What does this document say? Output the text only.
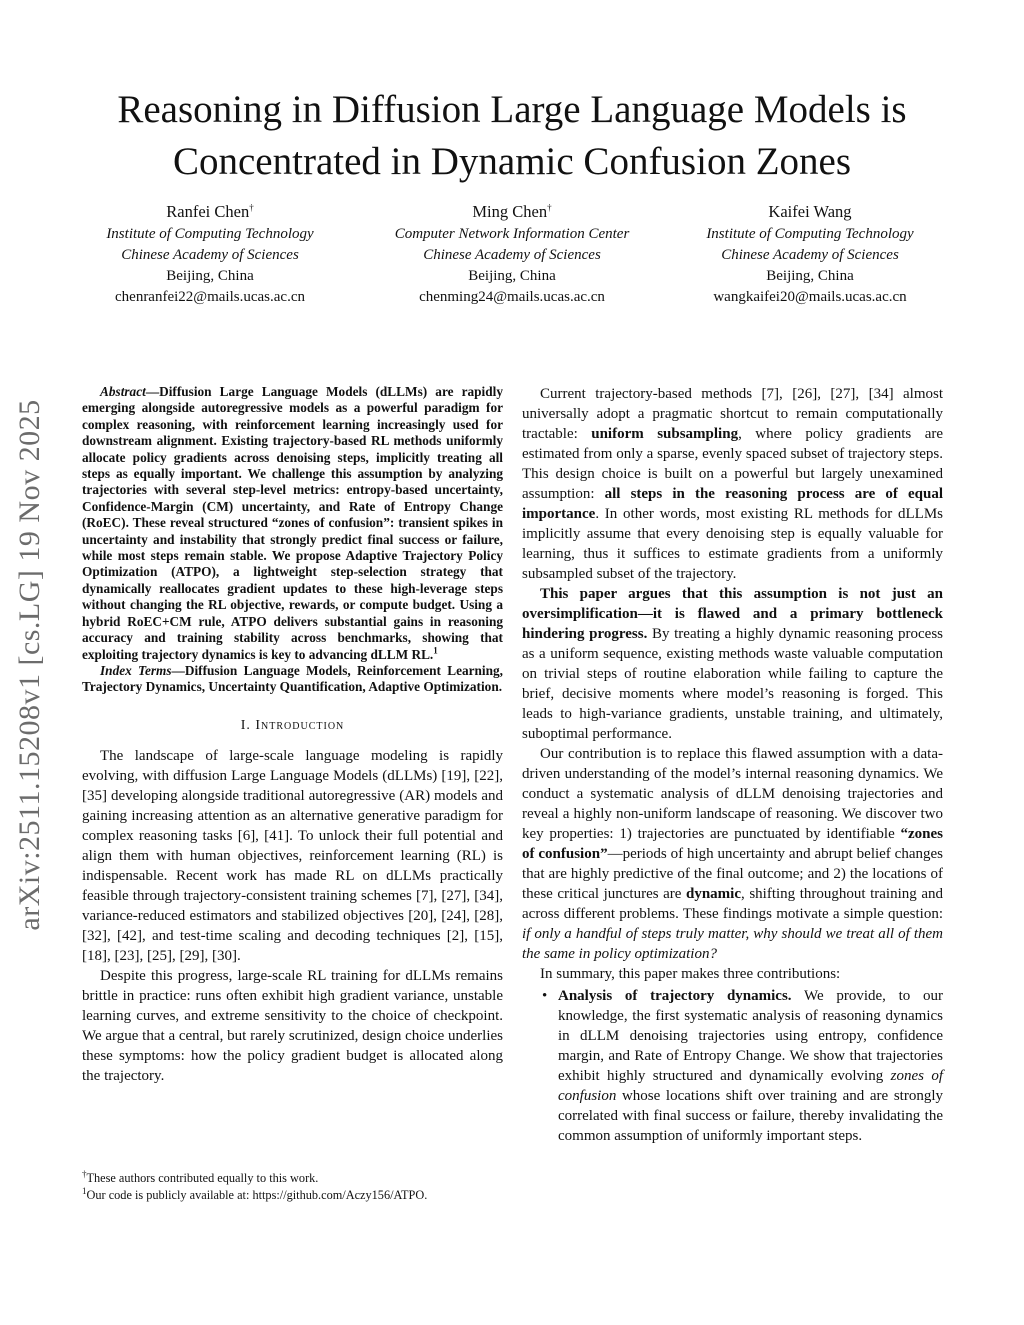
arXiv:2511.15208v1 [cs.LG] 19 Nov 2025
Reasoning in Diffusion Large Language Models is
Concentrated in Dynamic Confusion Zones
Ranfei Chen†
Institute of Computing Technology
Chinese Academy of Sciences
Beijing, China
chenranfei22@mails.ucas.ac.cn
Ming Chen†
Computer Network Information Center
Chinese Academy of Sciences
Beijing, China
chenming24@mails.ucas.ac.cn
Kaifei Wang
Institute of Computing Technology
Chinese Academy of Sciences
Beijing, China
wangkaifei20@mails.ucas.ac.cn

Abstract—Diffusion Large Language Models (dLLMs) are rapidly emerging alongside autoregressive models as a powerful paradigm for complex reasoning, with reinforcement learning increasingly used for downstream alignment. Existing trajectory-based RL methods uniformly allocate policy gradients across denoising steps, implicitly treating all steps as equally important. We challenge this assumption by analyzing trajectories with several step-level metrics: entropy-based uncertainty, Confidence-Margin (CM) uncertainty, and Rate of Entropy Change (RoEC). These reveal structured “zones of confusion”: transient spikes in uncertainty and instability that strongly predict final success or failure, while most steps remain stable. We propose Adaptive Trajectory Policy Optimization (ATPO), a lightweight step-selection strategy that dynamically reallocates gradient updates to these high-leverage steps without changing the RL objective, rewards, or compute budget. Using a hybrid RoEC+CM rule, ATPO delivers substantial gains in reasoning accuracy and training stability across benchmarks, showing that exploiting trajectory dynamics is key to advancing dLLM RL.$^1$

Index Terms—Diffusion Language Models, Reinforcement Learning, Trajectory Dynamics, Uncertainty Quantification, Adaptive Optimization.

I. Introduction

The landscape of large-scale language modeling is rapidly evolving, with diffusion Large Language Models (dLLMs) [19], [22], [35] developing alongside traditional autoregressive (AR) models and gaining increasing attention as an alternative generative paradigm for complex reasoning tasks [6], [41]. To unlock their full potential and align them with human objectives, reinforcement learning (RL) is indispensable. Recent work has made RL on dLLMs practically feasible through trajectory-consistent training schemes [7], [27], [34], variance-reduced estimators and stabilized objectives [20], [24], [28], [32], [42], and test-time scaling and decoding techniques [2], [15], [18], [23], [25], [29], [30].

Despite this progress, large-scale RL training for dLLMs remains brittle in practice: runs often exhibit high gradient variance, unstable learning curves, and extreme sensitivity to the choice of checkpoint. We argue that a central, but rarely scrutinized, design choice underlies these symptoms: how the policy gradient budget is allocated along the trajectory.

†These authors contributed equally to this work.
$^1$Our code is publicly available at: https://github.com/Aczy156/ATPO.

Current trajectory-based methods [7], [26], [27], [34] almost universally adopt a pragmatic shortcut to remain computationally tractable: uniform subsampling, where policy gradients are estimated from only a sparse, evenly spaced subset of trajectory steps. This design choice is built on a powerful but largely unexamined assumption: all steps in the reasoning process are of equal importance. In other words, most existing RL methods for dLLMs implicitly assume that every denoising step is equally valuable for learning, thus it suffices to estimate gradients from a uniformly subsampled subset of the trajectory.

This paper argues that this assumption is not just an oversimplification—it is flawed and a primary bottleneck hindering progress. By treating a highly dynamic reasoning process as a uniform sequence, existing methods waste valuable computation on trivial steps of routine elaboration while failing to capture the brief, decisive moments where model’s reasoning is forged. This leads to high-variance gradients, unstable training, and ultimately, suboptimal performance.

Our contribution is to replace this flawed assumption with a data-driven understanding of the model’s internal reasoning dynamics. We conduct a systematic analysis of dLLM denoising trajectories and reveal a highly non-uniform landscape of reasoning. We discover two key properties: 1) trajectories are punctuated by identifiable “zones of confusion”—periods of high uncertainty and abrupt belief changes that are highly predictive of the final outcome; and 2) the locations of these critical junctures are dynamic, shifting throughout training and across different problems. These findings motivate a simple question: if only a handful of steps truly matter, why should we treat all of them the same in policy optimization?

In summary, this paper makes three contributions:

• Analysis of trajectory dynamics. We provide, to our knowledge, the first systematic analysis of reasoning dynamics in dLLM denoising trajectories using entropy, confidence margin, and Rate of Entropy Change. We show that trajectories exhibit highly structured and dynamically evolving zones of confusion whose locations shift over training and are strongly correlated with final success or failure, thereby invalidating the common assumption of uniformly important steps.
